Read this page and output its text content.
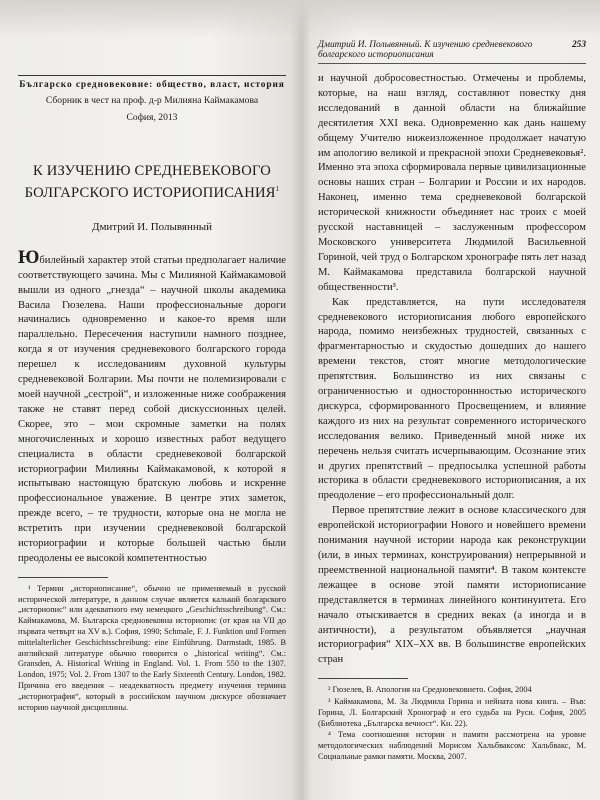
Българско средновековие: общество, власт, история
Сборник в чест на проф. д-р Милияна Каймакамова
София, 2013
К ИЗУЧЕНИЮ СРЕДНЕВЕКОВОГО
БОЛГАРСКОГО ИСТОРИОПИСАНИЯ$^1$
Дмитрий И. Полывянный

Юбилейный характер этой статьи предполагает наличие соответствующего зачина. Мы с Милияной Каймакамовой вышли из одного „гнезда“ – научной школы академика Василa Гюзелева. Наши профессиональные дороги начинались одновременно и какое-то время шли параллельно. Пересечения наступили намного позднее, когда я от изучения средневекового болгарского города перешел к исследованиям духовной культуры средневековой Болгарии. Мы почти не полемизировали с моей научной „сестрой“, и изложенные ниже соображения также не ставят перед собой дискуссионных целей. Скорее, это – мои скромные заметки на полях многочисленных и хорошо известных работ ведущего специалиста в области средневековой болгарской историографии Милияны Каймакамовой, к которой я испытываю настоящую братскую любовь и искренне профессиональное уважение. В центре этих заметок, прежде всего, – те трудности, которые она не могла не встретить при изучении средневековой болгарской историографии и которые большей частью были преодолены ее высокой компетентностью

¹ Термин „историописание“, обычно не применяемый в русской исторической литературе, в данном случае является калькой болгарского „историопис“ или адекватного ему немецкого „Geschichtsschreibung“. См.: Каймакамова, М. Българска средновековна историопис (от края на VII до първата четвърт на XV в.). София, 1990; Schmale, F. J. Funktion und Formen mittelalterlicher Geschichtsschreibung: eine Einführung. Darmstadt, 1985. В английской литературе обычно говорится о „historical writing“. См.: Gransden, A. Historical Writing in England. Vol. 1. From 550 to the 1307. London, 1975; Vol. 2. From 1307 to the Early Sixteenth Century. London, 1982. Причина его введения – неадекватность предмету изучения термина „историография“, который в российском научном дискурсе обозначает историю научной дисциплины.

Дмитрий И. Полывянный. К изучению средневекового болгарского историописания
253

и научной добросовестностью. Отмечены и проблемы, которые, на наш взгляд, составляют повестку дня исследований в данной области на ближайшие десятилетия XXI века. Одновременно как дань нашему общему Учителю нижеизложенное продолжает начатую им апологию великой и прекрасной эпохи Средневековья². Именно эта эпоха сформировала первые цивилизационные основы наших стран – Болгарии и России и их народов. Наконец, именно тема средневековой болгарской исторической книжности объединяет нас троих с моей русской наставницей – заслуженным профессором Московского университета Людмилой Васильевной Гориной, чей труд о Болгарском хронографе пять лет назад М. Каймакамова представила болгарской научной общественности³.

Как представляется, на пути исследователя средневекового историописания любого европейского народа, помимо неизбежных трудностей, связанных с фрагментарностью и скудостью дошедших до нашего времени текстов, стоят многие методологические препятствия. Большинство из них связаны с ограниченностью и одностороннностью исторического дискурса, сформированного Просвещением, и влияние каждого из них на результат современного исторического исследования велико. Приведенный мной ниже их перечень нельзя считать исчерпывающим. Осознание этих и других препятствий – предпосылка успешной работы историка в области средневекового историописания, а их преодоление – его профессиональный долг.

Первое препятствие лежит в основе классического для европейской историографии Нового и новейшего времени понимания научной истории народа как реконструкции (или, в иных терминах, конструирования) непрерывной и преемственной национальной памяти⁴. В таком контексте лежащее в основе этой памяти историописание представляется в терминах линейного континуитета. Его начало отыскивается в средних веках (а иногда и в античности), а результатом объявляется „научная историография“ XIX–XX вв. В большинстве европейских стран

² Гюзелев, В. Апология на Средновековието. София, 2004

³ Каймакамова, М. За Людмила Горина и нейната нова книга. – Във: Горина, Л. Болгарский Хронограф и его судьба на Руси. София, 2005 (Библиотека „Българска вечност“. Кн. 22).

⁴ Тема соотношения истории и памяти рассмотрена на уровне методологических наблюдений Морисом Хальбваксом: Хальбвакс, М. Социальные рамки памяти. Москва, 2007.
